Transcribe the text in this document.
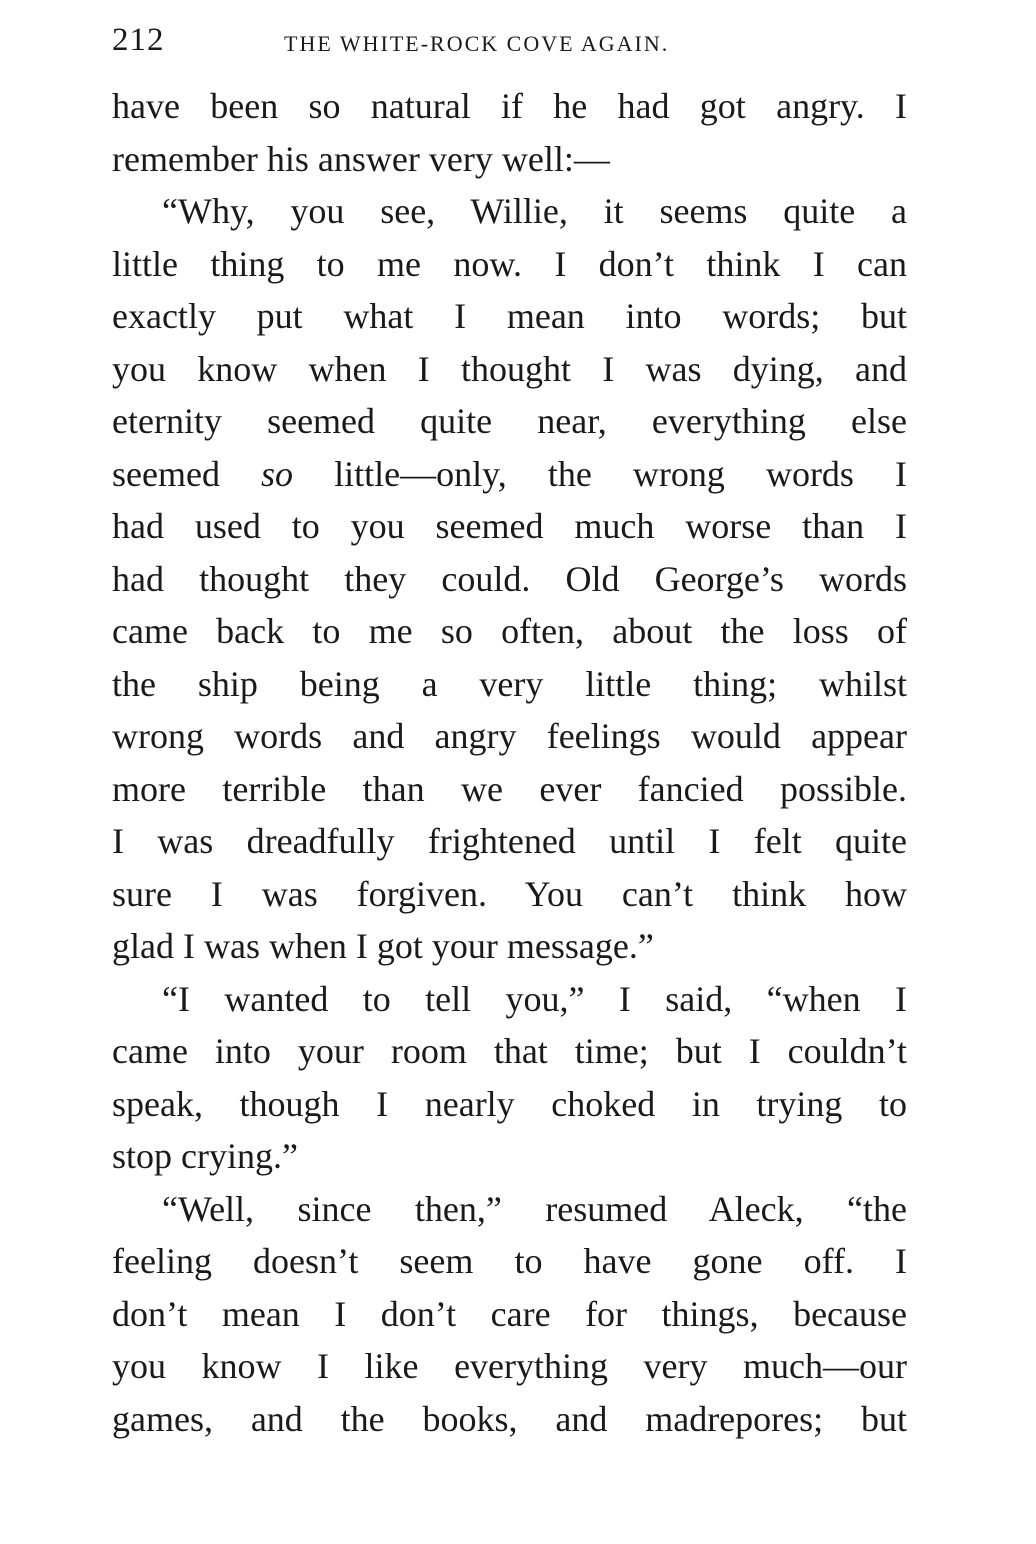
212	THE WHITE-ROCK COVE AGAIN.
have been so natural if he had got angry. I
remember his answer very well:—
“Why, you see, Willie, it seems quite a
little thing to me now. I don’t think I can
exactly put what I mean into words; but
you know when I thought I was dying, and
eternity seemed quite near, everything else
seemed so little—only, the wrong words I
had used to you seemed much worse than I
had thought they could. Old George’s words
came back to me so often, about the loss of
the ship being a very little thing; whilst
wrong words and angry feelings would appear
more terrible than we ever fancied possible.
I was dreadfully frightened until I felt quite
sure I was forgiven. You can’t think how
glad I was when I got your message.”
“I wanted to tell you,” I said, “when I
came into your room that time; but I couldn’t
speak, though I nearly choked in trying to
stop crying.”
“Well, since then,” resumed Aleck, “the
feeling doesn’t seem to have gone off. I
don’t mean I don’t care for things, because
you know I like everything very much—our
games, and the books, and madrepores; but
